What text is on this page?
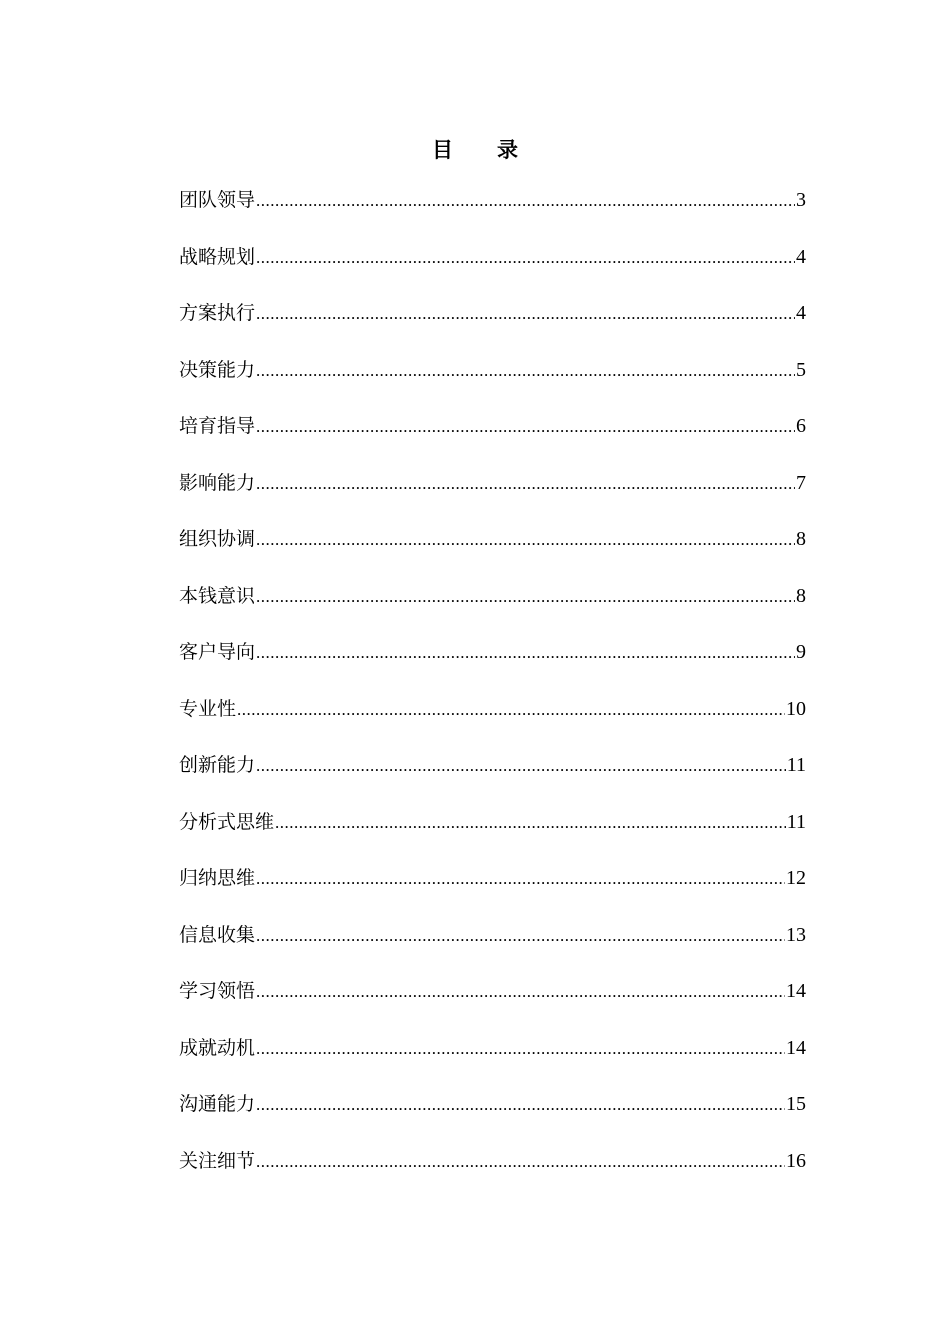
目 录
团队领导 .....	3
战略规划 .....	4
方案执行 .....	4
决策能力 .....	5
培育指导 .....	6
影响能力 .....	7
组织协调 .....	8
本钱意识 .....	8
客户导向 .....	9
专业性 .....	10
创新能力 .....	11
分析式思维 .....	11
归纳思维 .....	12
信息收集 .....	13
学习领悟 .....	14
成就动机 .....	14
沟通能力 .....	15
关注细节 .....	16
